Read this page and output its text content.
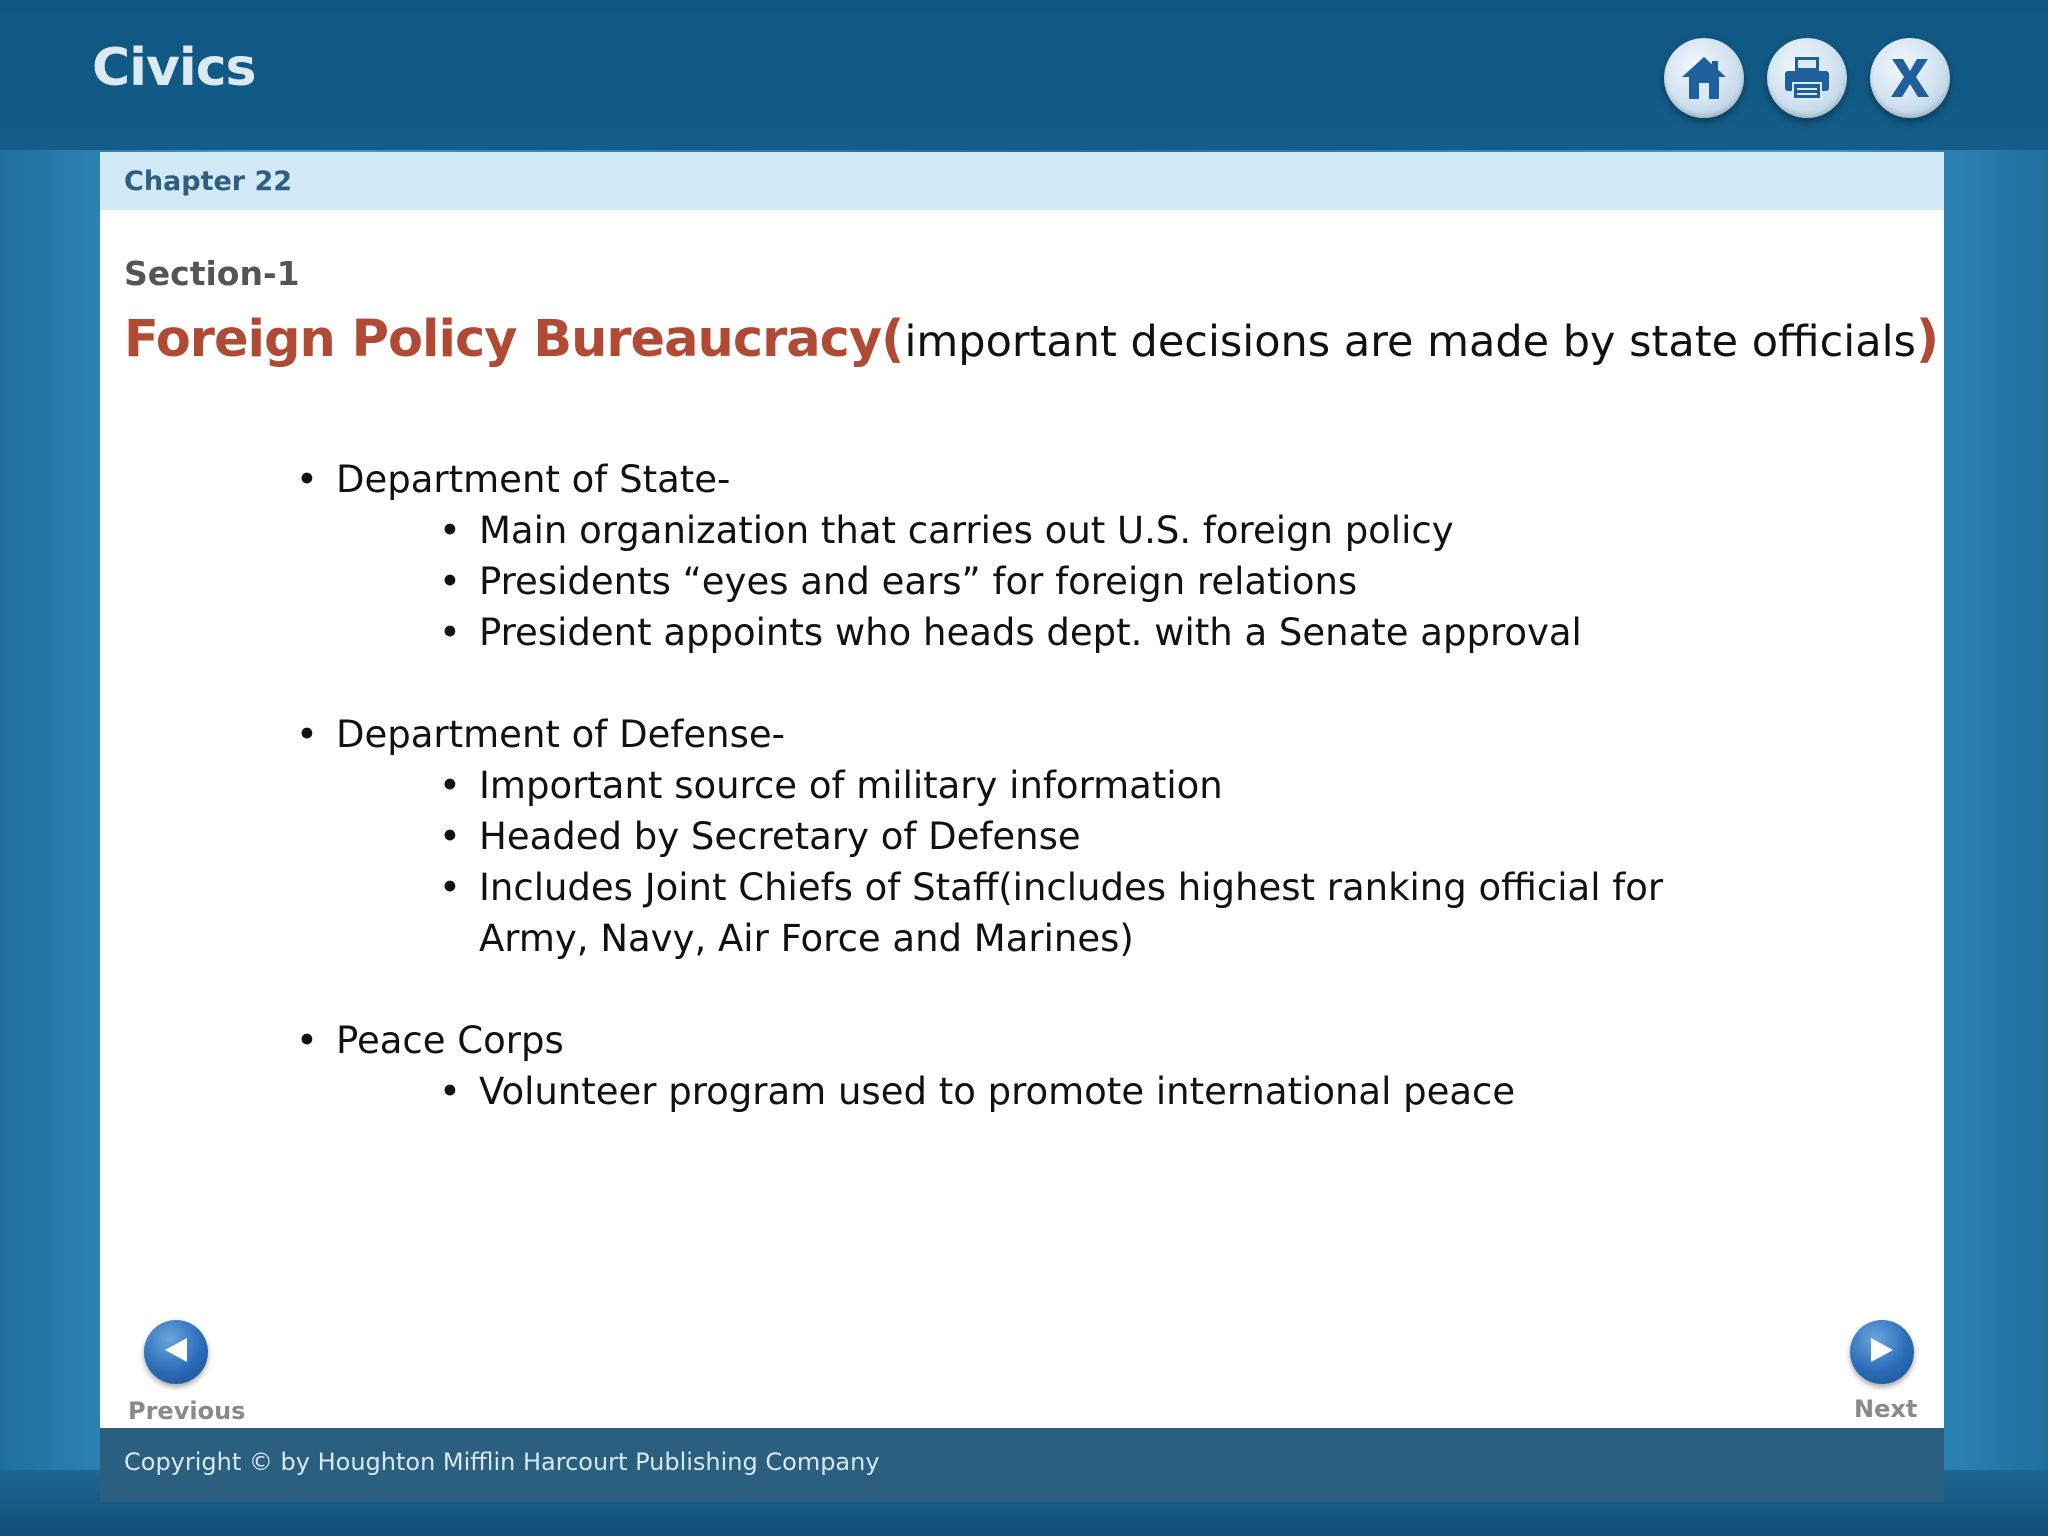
Civics
Chapter 22
Section-1
Foreign Policy Bureaucracy(important decisions are made by state officials)
• Department of State-
• Main organization that carries out U.S. foreign policy
• Presidents “eyes and ears” for foreign relations
• President appoints who heads dept. with a Senate approval
• Department of Defense-
• Important source of military information
• Headed by Secretary of Defense
• Includes Joint Chiefs of Staff(includes highest ranking official for Army, Navy, Air Force and Marines)
• Peace Corps
• Volunteer program used to promote international peace
Previous	Next
Copyright © by Houghton Mifflin Harcourt Publishing Company
